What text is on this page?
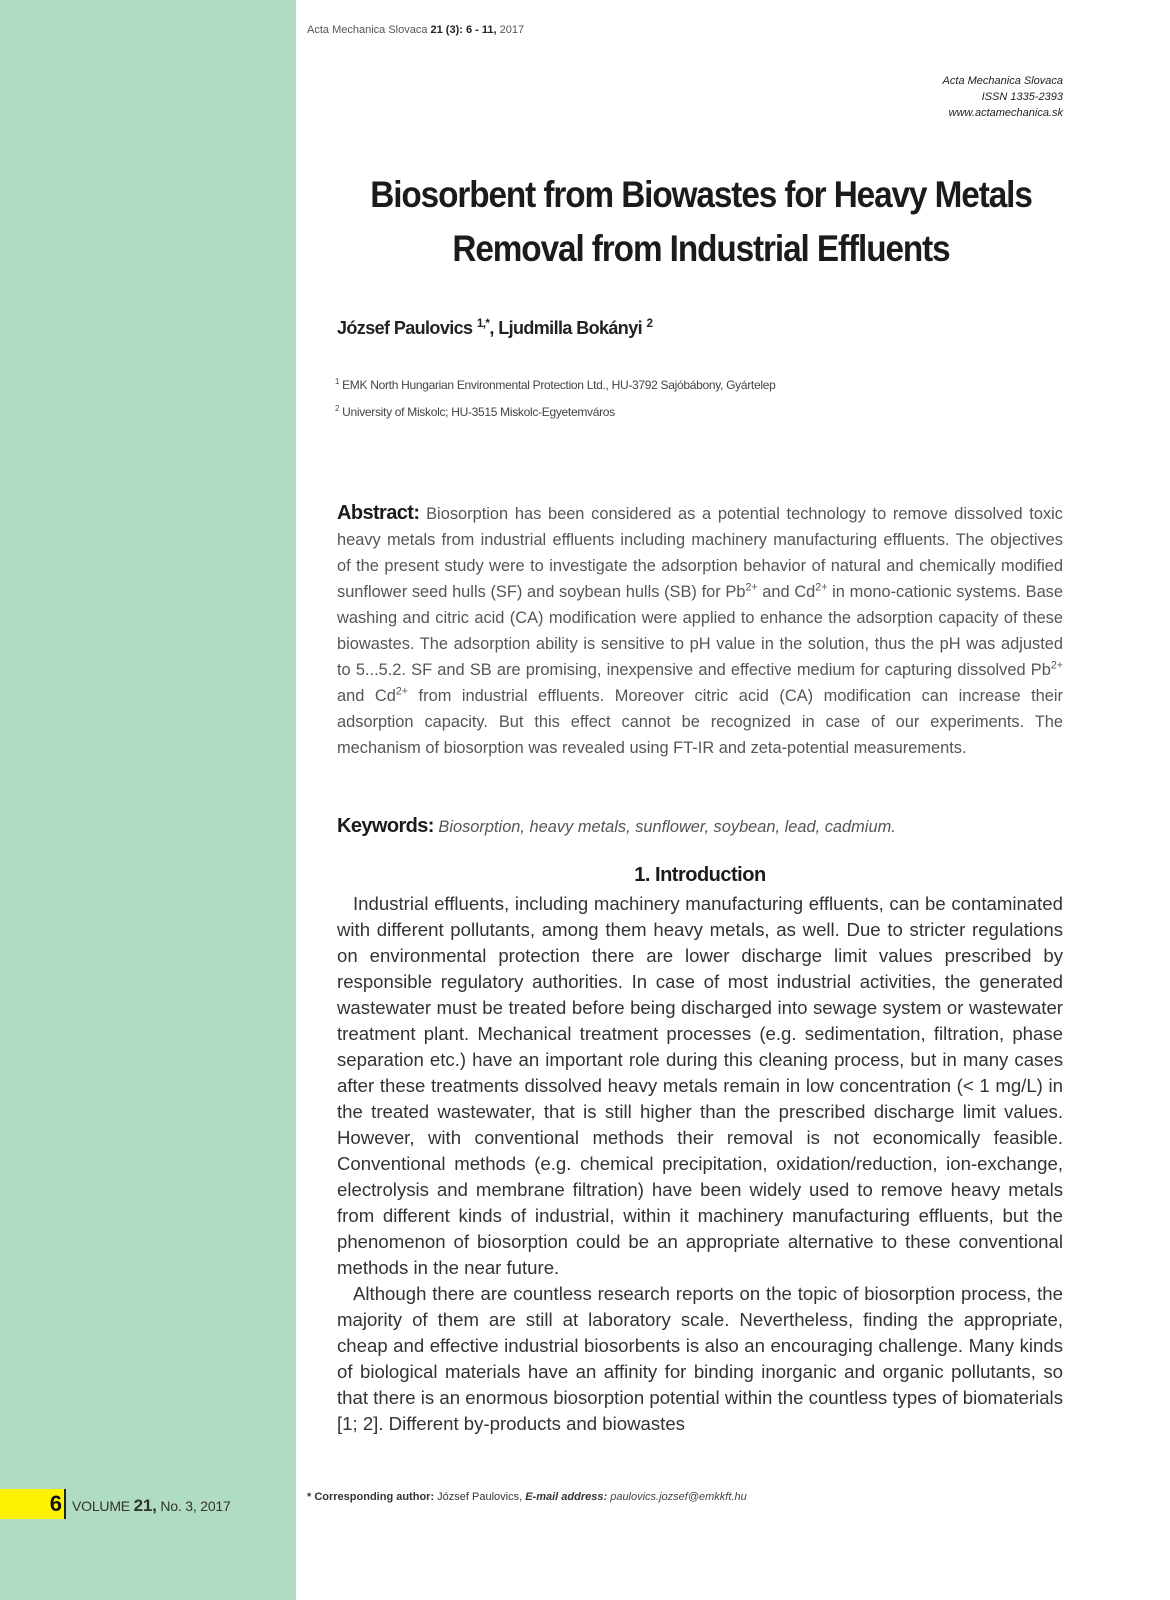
Acta Mechanica Slovaca 21 (3): 6 - 11, 2017
Acta Mechanica Slovaca
ISSN 1335-2393
www.actamechanica.sk
Biosorbent from Biowastes for Heavy Metals
Removal from Industrial Effluents
József Paulovics $^{1,*}$, Ljudmilla Bokányi $^2$
$^1$ EMK North Hungarian Environmental Protection Ltd., HU-3792 Sajóbábony, Gyártelep
$^2$ University of Miskolc; HU-3515 Miskolc-Egyetemváros
Abstract: Biosorption has been considered as a potential technology to remove dissolved toxic heavy metals from industrial effluents including machinery manufacturing effluents. The objectives of the present study were to investigate the adsorption behavior of natural and chemically modified sunflower seed hulls (SF) and soybean hulls (SB) for $Pb^{2+}$ and $Cd^{2+}$ in mono-cationic systems. Base washing and citric acid (CA) modification were applied to enhance the adsorption capacity of these biowastes. The adsorption ability is sensitive to pH value in the solution, thus the pH was adjusted to 5...5.2. SF and SB are promising, inexpensive and effective medium for capturing dissolved $Pb^{2+}$ and $Cd^{2+}$ from industrial effluents. Moreover citric acid (CA) modification can increase their adsorption capacity. But this effect cannot be recognized in case of our experiments. The mechanism of biosorption was revealed using FT-IR and zeta-potential measurements.
Keywords: Biosorption, heavy metals, sunflower, soybean, lead, cadmium.
1. Introduction

Industrial effluents, including machinery manufacturing effluents, can be contaminated with different pollutants, among them heavy metals, as well. Due to stricter regulations on environmental protection there are lower discharge limit values prescribed by responsible regulatory authorities. In case of most industrial activities, the generated wastewater must be treated before being discharged into sewage system or wastewater treatment plant. Mechanical treatment processes (e.g. sedimentation, filtration, phase separation etc.) have an important role during this cleaning process, but in many cases after these treatments dissolved heavy metals remain in low concentration (< 1 mg/L) in the treated wastewater, that is still higher than the prescribed discharge limit values. However, with conventional methods their removal is not economically feasible. Conventional methods (e.g. chemical precipitation, oxidation/reduction, ion-exchange, electrolysis and membrane filtration) have been widely used to remove heavy metals from different kinds of industrial, within it machinery manufacturing effluents, but the phenomenon of biosorption could be an appropriate alternative to these conventional methods in the near future.

Although there are countless research reports on the topic of biosorption process, the majority of them are still at laboratory scale. Nevertheless, finding the appropriate, cheap and effective industrial biosorbents is also an encouraging challenge. Many kinds of biological materials have an affinity for binding inorganic and organic pollutants, so that there is an enormous biosorption potential within the countless types of biomaterials [1; 2]. Different by-products and biowastes

6 VOLUME 21, No. 3, 2017
* Corresponding author: József Paulovics, E-mail address: paulovics.jozsef@emkkft.hu
